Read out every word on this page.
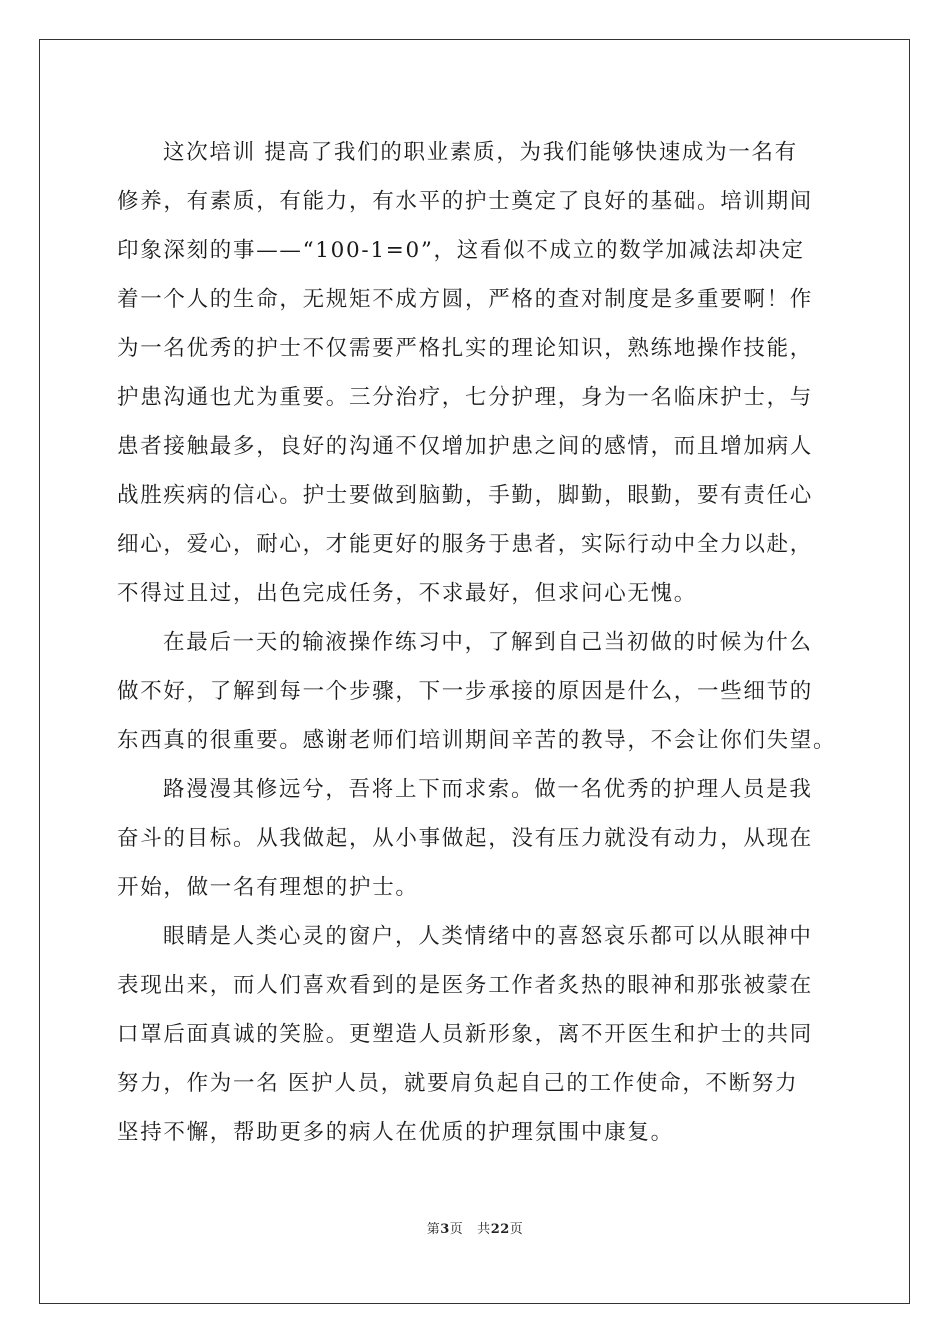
这次培训 提高了我们的职业素质，为我们能够快速成为一名有
修养，有素质，有能力，有水平的护士奠定了良好的基础。培训期间
印象深刻的事——“100-1=0”，这看似不成立的数学加减法却决定
着一个人的生命，无规矩不成方圆，严格的查对制度是多重要啊！作
为一名优秀的护士不仅需要严格扎实的理论知识，熟练地操作技能，
护患沟通也尤为重要。三分治疗，七分护理，身为一名临床护士，与
患者接触最多，良好的沟通不仅增加护患之间的感情，而且增加病人
战胜疾病的信心。护士要做到脑勤，手勤，脚勤，眼勤，要有责任心
细心，爱心，耐心，才能更好的服务于患者，实际行动中全力以赴，
不得过且过，出色完成任务，不求最好，但求问心无愧。
在最后一天的输液操作练习中，了解到自己当初做的时候为什么
做不好，了解到每一个步骤，下一步承接的原因是什么，一些细节的
东西真的很重要。感谢老师们培训期间辛苦的教导，不会让你们失望。
路漫漫其修远兮，吾将上下而求索。做一名优秀的护理人员是我
奋斗的目标。从我做起，从小事做起，没有压力就没有动力，从现在
开始，做一名有理想的护士。
眼睛是人类心灵的窗户，人类情绪中的喜怒哀乐都可以从眼神中
表现出来，而人们喜欢看到的是医务工作者炙热的眼神和那张被蒙在
口罩后面真诚的笑脸。更塑造人员新形象，离不开医生和护士的共同
努力，作为一名 医护人员，就要肩负起自己的工作使命，不断努力
坚持不懈，帮助更多的病人在优质的护理氛围中康复。
第3页 共22页
